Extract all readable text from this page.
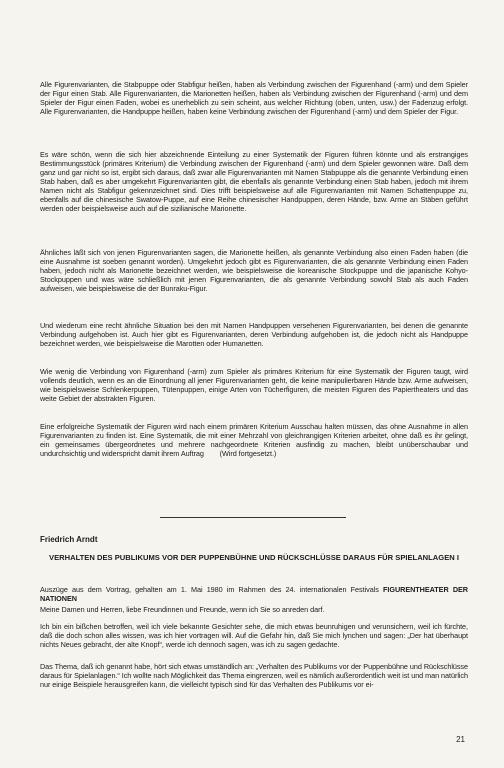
Alle Figurenvarianten, die Stabpuppe oder Stabfigur heißen, haben als Verbindung zwischen der Figurenhand (-arm) und dem Spieler der Figur einen Stab. Alle Figurenvarianten, die Marionetten heißen, haben als Verbindung zwischen der Figurenhand (-arm) und dem Spieler der Figur einen Faden, wobei es unerheblich zu sein scheint, aus welcher Richtung (oben, unten, usw.) der Fadenzug erfolgt. Alle Figurenvarianten, die Handpuppe heißen, haben keine Verbindung zwischen der Figurenhand (-arm) und dem Spieler der Figur.

Es wäre schön, wenn die sich hier abzeichnende Einteilung zu einer Systematik der Figuren führen könnte und als erstrangiges Bestimmungsstück (primäres Kriterium) die Verbindung zwischen der Figurenhand (-arm) und dem Spieler gewonnen wäre. Daß dem ganz und gar nicht so ist, ergibt sich daraus, daß zwar alle Figurenvarianten mit Namen Stabpuppe als die genannte Verbindung einen Stab haben, daß es aber umgekehrt Figurenvarianten gibt, die ebenfalls als genannte Verbindung einen Stab haben, jedoch mit ihrem Namen nicht als Stabfigur gekennzeichnet sind. Dies trifft beispielsweise auf alle Figurenvarianten mit Namen Schattenpuppe zu, ebenfalls auf die chinesische Swatow-Puppe, auf eine Reihe chinesischer Handpuppen, deren Hände, bzw. Arme an Stäben geführt werden oder beispielsweise auch auf die sizilianische Marionette.

Ähnliches läßt sich von jenen Figurenvarianten sagen, die Marionette heißen, als genannte Verbindung also einen Faden haben (die eine Ausnahme ist soeben genannt worden). Umgekehrt jedoch gibt es Figurenvarianten, die als genannte Verbindung einen Faden haben, jedoch nicht als Marionette bezeichnet werden, wie beispielsweise die koreanische Stockpuppe und die japanische Kohyo-Stockpuppen und was wäre schließlich mit jenen Figurenvarianten, die als genannte Verbindung sowohl Stab als auch Faden aufweisen, wie beispielsweise die der Bunraku-Figur.

Und wiederum eine recht ähnliche Situation bei den mit Namen Handpuppen versehenen Figurenvarianten, bei denen die genannte Verbindung aufgehoben ist. Auch hier gibt es Figurenvarianten, deren Verbindung aufgehoben ist, die jedoch nicht als Handpuppe bezeichnet werden, wie beispielsweise die Marotten oder Humanetten.

Wie wenig die Verbindung von Figurenhand (-arm) zum Spieler als primäres Kriterium für eine Systematik der Figuren taugt, wird vollends deutlich, wenn es an die Einordnung all jener Figurenvarianten geht, die keine manipulierbaren Hände bzw. Arme aufweisen, wie beispielsweise Schlenkerpuppen, Tütenpuppen, einige Arten von Tücherfiguren, die meisten Figuren des Papiertheaters und das weite Gebiet der abstrakten Figuren.

Eine erfolgreiche Systematik der Figuren wird nach einem primären Kriterium Ausschau halten müssen, das ohne Ausnahme in allen Figurenvarianten zu finden ist. Eine Systematik, die mit einer Mehrzahl von gleichrangigen Kriterien arbeitet, ohne daß es ihr gelingt, ein gemeinsames übergeordnetes und mehrere nachgeordnete Kriterien ausfindig zu machen, bleibt unüberschaubar und undurchsichtig und widerspricht damit ihrem Auftrag (Wird fortgesetzt.)

Friedrich Arndt

VERHALTEN DES PUBLIKUMS VOR DER PUPPENBÜHNE UND RÜCKSCHLÜSSE DARAUS FÜR SPIELANLAGEN I

Auszüge aus dem Vortrag, gehalten am 1. Mai 1980 im Rahmen des 24. internationalen Festivals FIGURENTHEATER DER NATIONEN

Meine Damen und Herren, liebe Freundinnen und Freunde, wenn ich Sie so anreden darf.

Ich bin ein bißchen betroffen, weil ich viele bekannte Gesichter sehe, die mich etwas beunruhigen und verunsichern, weil ich fürchte, daß die doch schon alles wissen, was ich hier vortragen will. Auf die Gefahr hin, daß Sie mich lynchen und sagen: „Der hat überhaupt nichts Neues gebracht, der alte Knopf“, werde ich dennoch sagen, was ich zu sagen gedachte.

Das Thema, daß ich genannt habe, hört sich etwas umständlich an: „Verhalten des Publikums vor der Puppenbühne und Rückschlüsse daraus für Spielanlagen.“ Ich wollte nach Möglichkeit das Thema eingrenzen, weil es nämlich außerordentlich weit ist und man natürlich nur einige Beispiele herausgreifen kann, die vielleicht typisch sind für das Verhalten des Publikums vor ei-

21
